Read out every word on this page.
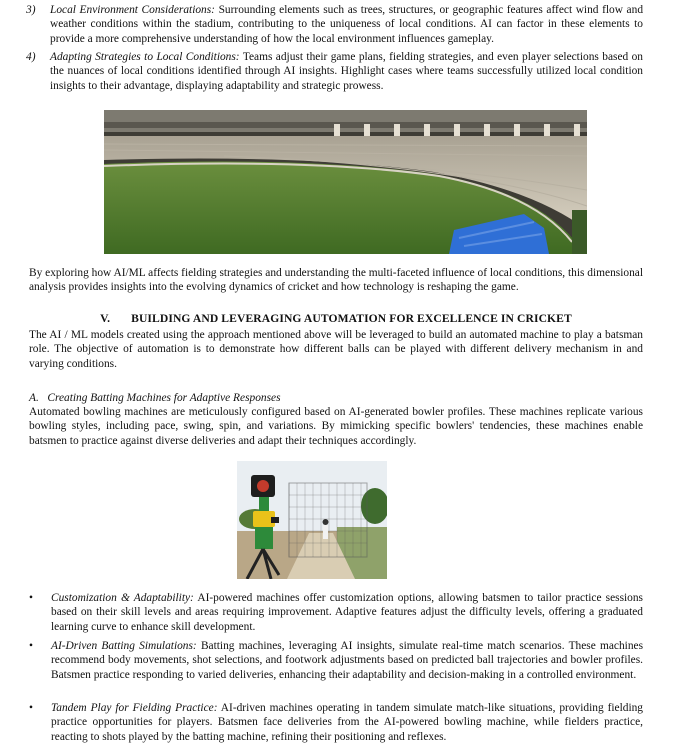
3) Local Environment Considerations: Surrounding elements such as trees, structures, or geographic features affect wind flow and weather conditions within the stadium, contributing to the uniqueness of local conditions. AI can factor in these elements to provide a more comprehensive understanding of how the local environment influences gameplay.
4) Adapting Strategies to Local Conditions: Teams adjust their game plans, fielding strategies, and even player selections based on the nuances of local conditions identified through AI insights. Highlight cases where teams successfully utilized local condition insights to their advantage, displaying adaptability and strategic prowess.

By exploring how AI/ML affects fielding strategies and understanding the multi-faceted influence of local conditions, this dimensional analysis provides insights into the evolving dynamics of cricket and how technology is reshaping the game.

V.       BUILDING AND LEVERAGING AUTOMATION FOR EXCELLENCE IN CRICKET

The AI / ML models created using the approach mentioned above will be leveraged to build an automated machine to play a batsman role. The objective of automation is to demonstrate how different balls can be played with different delivery mechanism in and varying conditions.

A.   Creating Batting Machines for Adaptive Responses

Automated bowling machines are meticulously configured based on AI-generated bowler profiles. These machines replicate various bowling styles, including pace, swing, spin, and variations. By mimicking specific bowlers' tendencies, these machines enable batsmen to practice against diverse deliveries and adapt their techniques accordingly.

• Customization & Adaptability: AI-powered machines offer customization options, allowing batsmen to tailor practice sessions based on their skill levels and areas requiring improvement. Adaptive features adjust the difficulty levels, offering a graduated learning curve to enhance skill development.
• AI-Driven Batting Simulations: Batting machines, leveraging AI insights, simulate real-time match scenarios. These machines recommend body movements, shot selections, and footwork adjustments based on predicted ball trajectories and bowler profiles. Batsmen practice responding to varied deliveries, enhancing their adaptability and decision-making in a controlled environment.
• Tandem Play for Fielding Practice: AI-driven machines operating in tandem simulate match-like situations, providing fielding practice opportunities for players. Batsmen face deliveries from the AI-powered bowling machine, while fielders practice, reacting to shots played by the batting machine, refining their positioning and reflexes.
